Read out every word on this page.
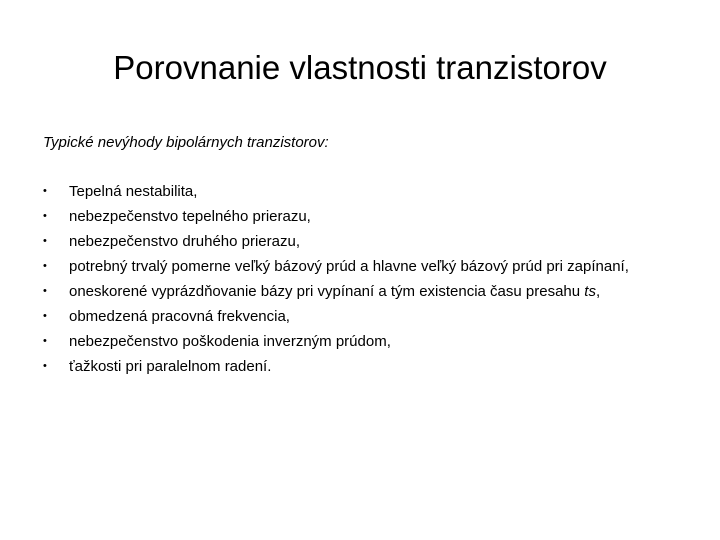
Porovnanie vlastnosti tranzistorov

Typické nevýhody bipolárnych tranzistorov:

•	Tepelná nestabilita,
•	nebezpečenstvo tepelného prierazu,
•	nebezpečenstvo druhého prierazu,
•	potrebný trvalý pomerne veľký bázový prúd a hlavne veľký bázový prúd pri zapínaní,
•	oneskorené vyprázdňovanie bázy pri vypínaní a tým existencia času presahu ts,
•	obmedzená pracovná frekvencia,
•	nebezpečenstvo poškodenia inverzným prúdom,
•	ťažkosti pri paralelnom radení.
